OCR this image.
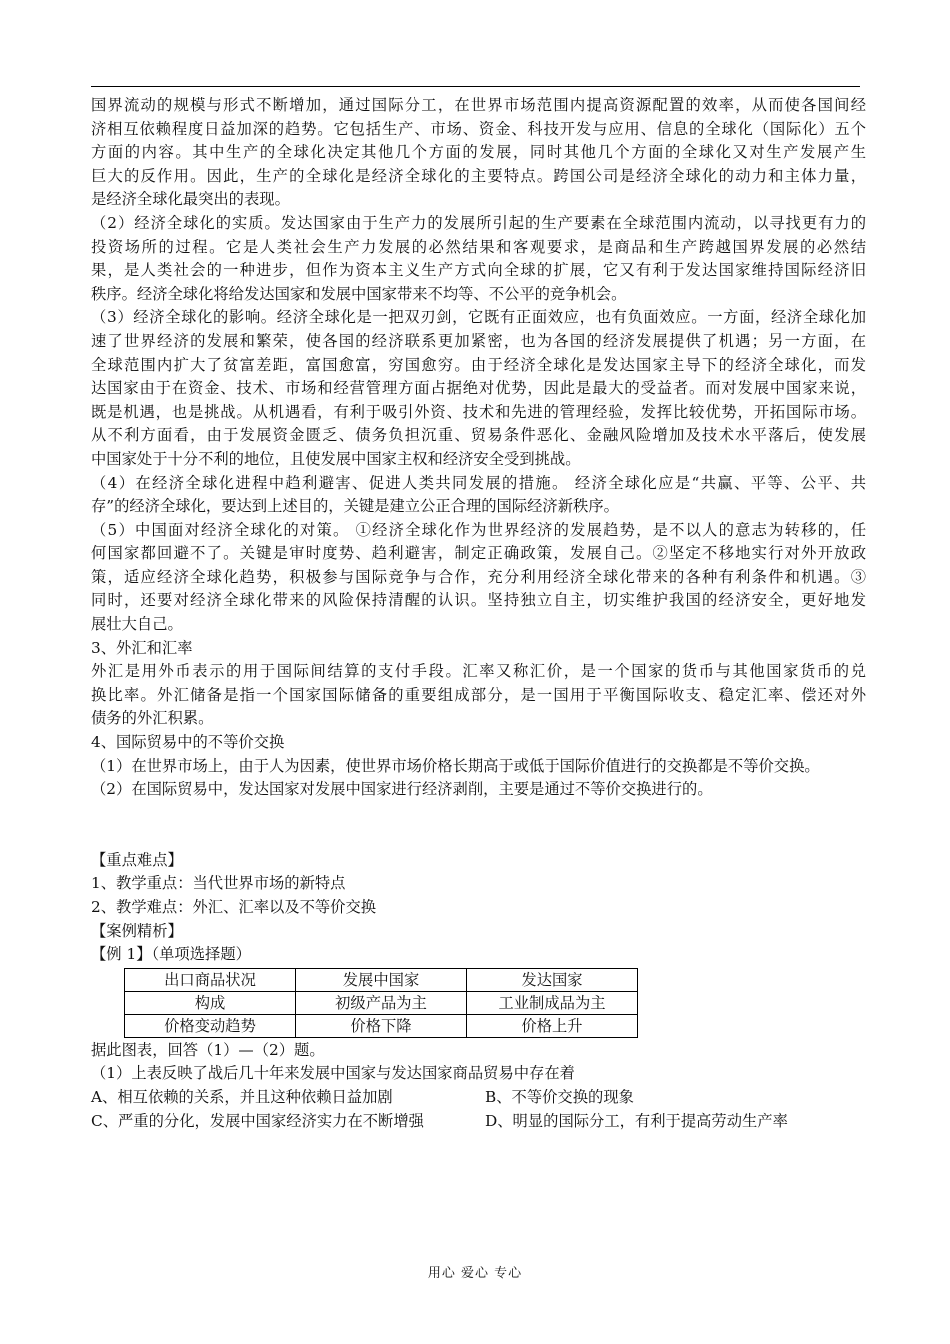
国界流动的规模与形式不断增加，通过国际分工，在世界市场范围内提高资源配置的效率，从而使各国间经
济相互依赖程度日益加深的趋势。它包括生产、市场、资金、科技开发与应用、信息的全球化（国际化）五个
方面的内容。其中生产的全球化决定其他几个方面的发展，同时其他几个方面的全球化又对生产发展产生
巨大的反作用。因此，生产的全球化是经济全球化的主要特点。跨国公司是经济全球化的动力和主体力量，
是经济全球化最突出的表现。
（2）经济全球化的实质。发达国家由于生产力的发展所引起的生产要素在全球范围内流动，以寻找更有力的
投资场所的过程。它是人类社会生产力发展的必然结果和客观要求，是商品和生产跨越国界发展的必然结
果，是人类社会的一种进步，但作为资本主义生产方式向全球的扩展，它又有利于发达国家维持国际经济旧
秩序。经济全球化将给发达国家和发展中国家带来不均等、不公平的竞争机会。
（3）经济全球化的影响。经济全球化是一把双刃剑，它既有正面效应，也有负面效应。一方面，经济全球化加
速了世界经济的发展和繁荣，使各国的经济联系更加紧密，也为各国的经济发展提供了机遇；另一方面，在
全球范围内扩大了贫富差距，富国愈富，穷国愈穷。由于经济全球化是发达国家主导下的经济全球化，而发
达国家由于在资金、技术、市场和经营管理方面占据绝对优势，因此是最大的受益者。而对发展中国家来说，
既是机遇，也是挑战。从机遇看，有利于吸引外资、技术和先进的管理经验，发挥比较优势，开拓国际市场。
从不利方面看，由于发展资金匮乏、债务负担沉重、贸易条件恶化、金融风险增加及技术水平落后，使发展
中国家处于十分不利的地位，且使发展中国家主权和经济安全受到挑战。
（4）在经济全球化进程中趋利避害、促进人类共同发展的措施。 经济全球化应是“共赢、平等、公平、共
存”的经济全球化，要达到上述目的，关键是建立公正合理的国际经济新秩序。
（5）中国面对经济全球化的对策。 ①经济全球化作为世界经济的发展趋势，是不以人的意志为转移的，任
何国家都回避不了。关键是审时度势、趋利避害，制定正确政策，发展自己。②坚定不移地实行对外开放政
策，适应经济全球化趋势，积极参与国际竞争与合作，充分利用经济全球化带来的各种有利条件和机遇。③
同时，还要对经济全球化带来的风险保持清醒的认识。坚持独立自主，切实维护我国的经济安全，更好地发
展壮大自己。
3、外汇和汇率
外汇是用外币表示的用于国际间结算的支付手段。汇率又称汇价，是一个国家的货币与其他国家货币的兑
换比率。外汇储备是指一个国家国际储备的重要组成部分，是一国用于平衡国际收支、稳定汇率、偿还对外
债务的外汇积累。
4、国际贸易中的不等价交换
（1）在世界市场上，由于人为因素，使世界市场价格长期高于或低于国际价值进行的交换都是不等价交换。
（2）在国际贸易中，发达国家对发展中国家进行经济剥削，主要是通过不等价交换进行的。
【重点难点】
1、教学重点：当代世界市场的新特点
2、教学难点：外汇、汇率以及不等价交换
【案例精析】
【例 1】（单项选择题）
出口商品状况	发展中国家	发达国家
构成	初级产品为主	工业制成品为主
价格变动趋势	价格下降	价格上升
据此图表，回答（1）—（2）题。
（1）上表反映了战后几十年来发展中国家与发达国家商品贸易中存在着
A、相互依赖的关系，并且这种依赖日益加剧	B、不等价交换的现象
C、严重的分化，发展中国家经济实力在不断增强	D、明显的国际分工，有利于提高劳动生产率
用心 爱心 专心
